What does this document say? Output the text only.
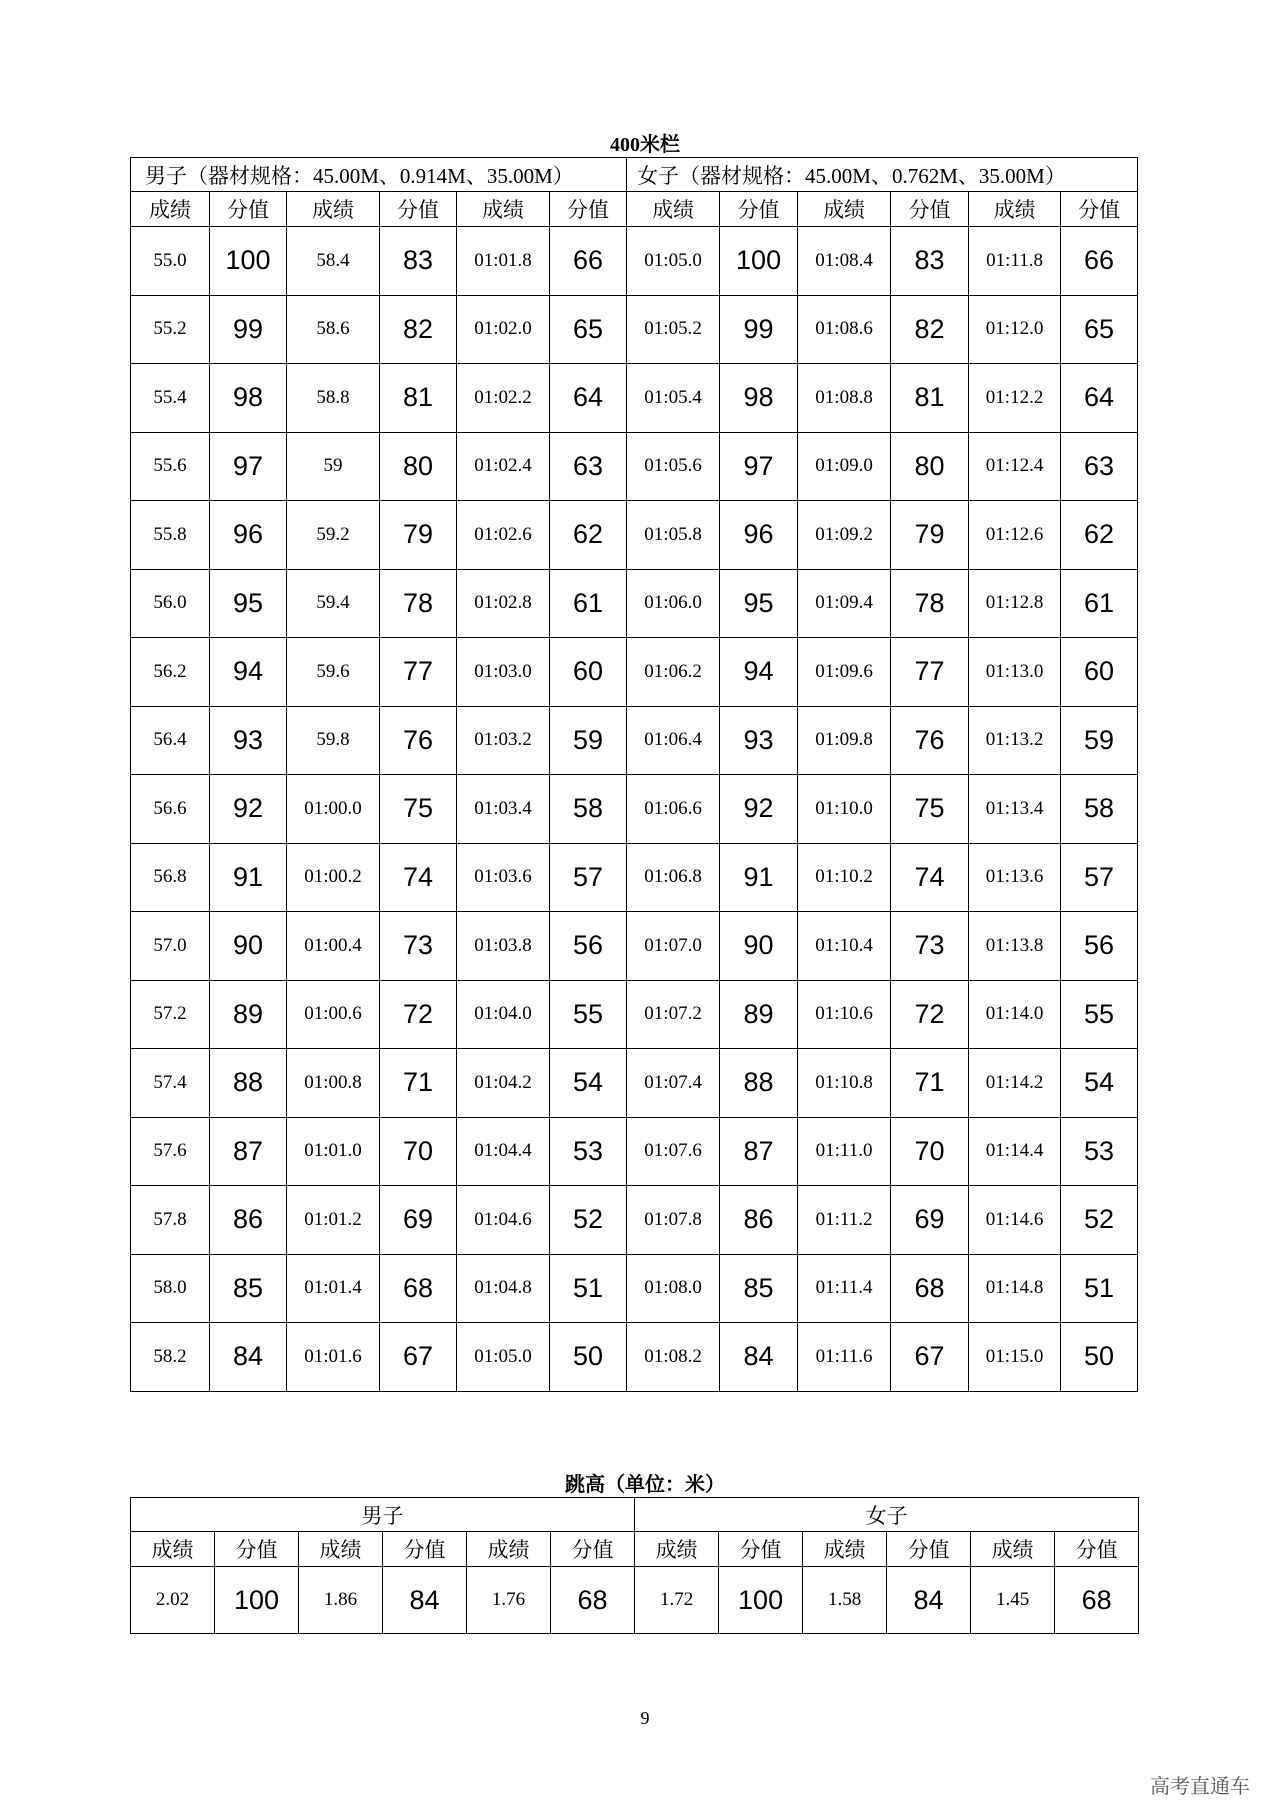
400米栏
男子（器材规格：45.00M、0.914M、35.00M）						女子（器材规格：45.00M、0.762M、35.00M）					
成绩	分值	成绩	分值	成绩	分值	成绩	分值	成绩	分值	成绩	分值
55.0	100	58.4	83	01:01.8	66	01:05.0	100	01:08.4	83	01:11.8	66
55.2	99	58.6	82	01:02.0	65	01:05.2	99	01:08.6	82	01:12.0	65
55.4	98	58.8	81	01:02.2	64	01:05.4	98	01:08.8	81	01:12.2	64
55.6	97	59	80	01:02.4	63	01:05.6	97	01:09.0	80	01:12.4	63
55.8	96	59.2	79	01:02.6	62	01:05.8	96	01:09.2	79	01:12.6	62
56.0	95	59.4	78	01:02.8	61	01:06.0	95	01:09.4	78	01:12.8	61
56.2	94	59.6	77	01:03.0	60	01:06.2	94	01:09.6	77	01:13.0	60
56.4	93	59.8	76	01:03.2	59	01:06.4	93	01:09.8	76	01:13.2	59
56.6	92	01:00.0	75	01:03.4	58	01:06.6	92	01:10.0	75	01:13.4	58
56.8	91	01:00.2	74	01:03.6	57	01:06.8	91	01:10.2	74	01:13.6	57
57.0	90	01:00.4	73	01:03.8	56	01:07.0	90	01:10.4	73	01:13.8	56
57.2	89	01:00.6	72	01:04.0	55	01:07.2	89	01:10.6	72	01:14.0	55
57.4	88	01:00.8	71	01:04.2	54	01:07.4	88	01:10.8	71	01:14.2	54
57.6	87	01:01.0	70	01:04.4	53	01:07.6	87	01:11.0	70	01:14.4	53
57.8	86	01:01.2	69	01:04.6	52	01:07.8	86	01:11.2	69	01:14.6	52
58.0	85	01:01.4	68	01:04.8	51	01:08.0	85	01:11.4	68	01:14.8	51
58.2	84	01:01.6	67	01:05.0	50	01:08.2	84	01:11.6	67	01:15.0	50
跳高（单位：米）
男子						女子					
成绩	分值	成绩	分值	成绩	分值	成绩	分值	成绩	分值	成绩	分值
2.02	100	1.86	84	1.76	68	1.72	100	1.58	84	1.45	68
9
高考直通车
